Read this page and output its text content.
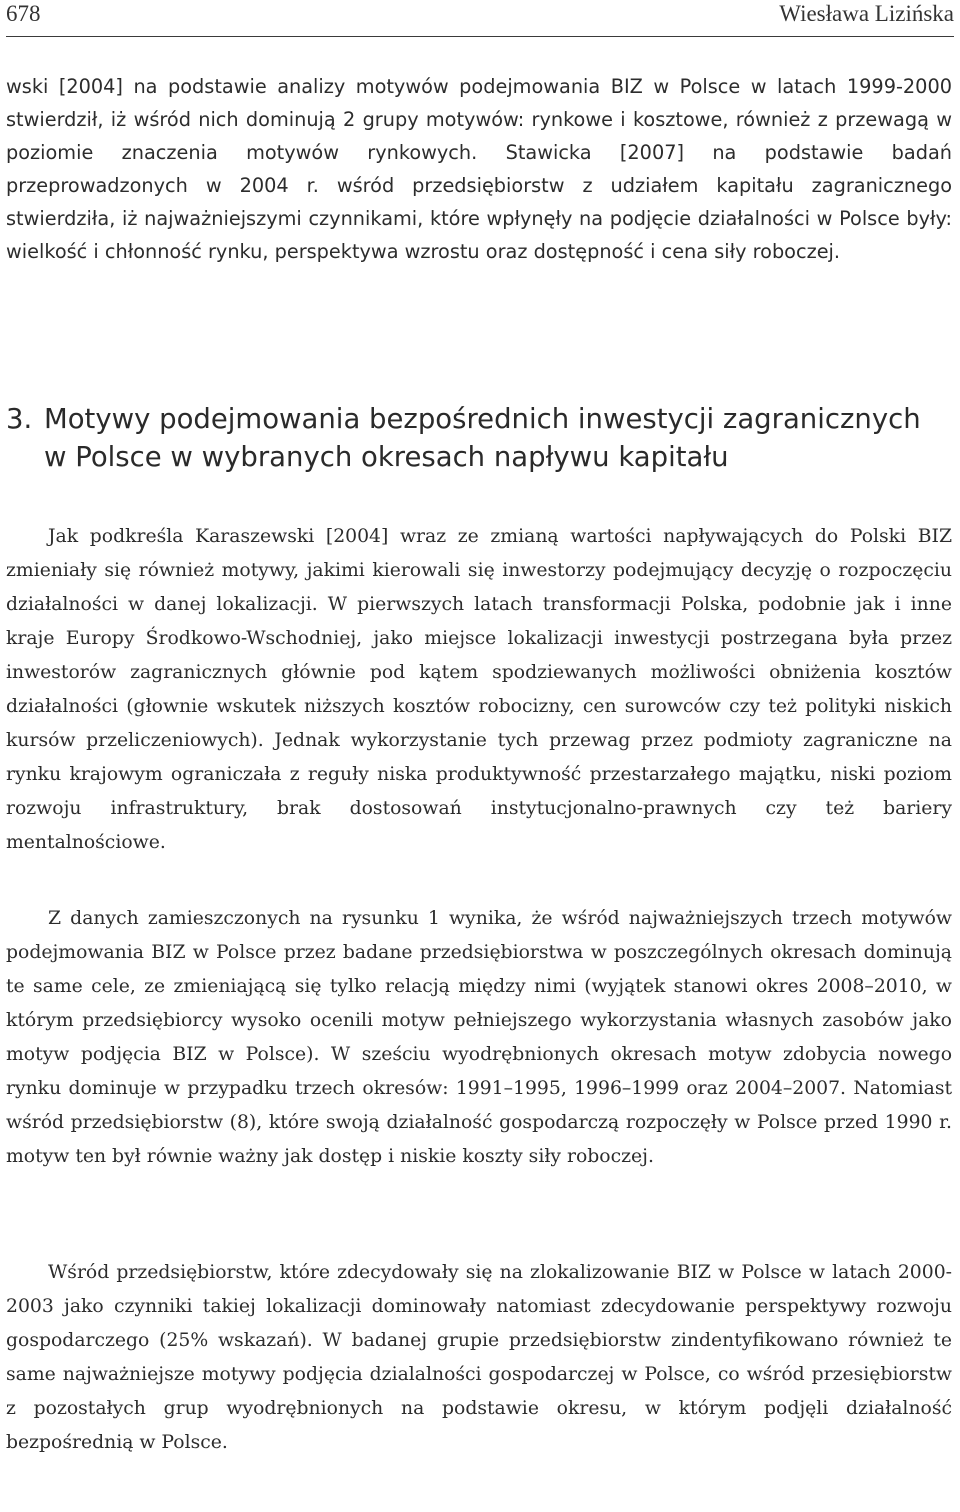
678	Wiesława Lizińska

wski [2004] na podstawie analizy motywów podejmowania BIZ w Polsce w latach 1999-2000 stwierdził, iż wśród nich dominują 2 grupy motywów: rynkowe i kosztowe, również z przewagą w poziomie znaczenia motywów rynkowych. Stawicka [2007] na podstawie badań przeprowadzonych w 2004 r. wśród przedsiębiorstw z udziałem kapitału zagranicznego stwierdziła, iż najważniejszymi czynnikami, które wpłynęły na podjęcie działalności w Polsce były: wielkość i chłonność rynku, perspektywa wzrostu oraz dostępność i cena siły roboczej.

3. Motywy podejmowania bezpośrednich inwestycji zagranicznych
w Polsce w wybranych okresach napływu kapitału

Jak podkreśla Karaszewski [2004] wraz ze zmianą wartości napływających do Polski BIZ zmieniały się również motywy, jakimi kierowali się inwestorzy podejmujący decyzję o rozpoczęciu działalności w danej lokalizacji. W pierwszych latach transformacji Polska, podobnie jak i inne kraje Europy Środkowo-Wschodniej, jako miejsce lokalizacji inwestycji postrzegana była przez inwestorów zagranicznych głównie pod kątem spodziewanych możliwości obniżenia kosztów działalności (głownie wskutek niższych kosztów robocizny, cen surowców czy też polityki niskich kursów przeliczeniowych). Jednak wykorzystanie tych przewag przez podmioty zagraniczne na rynku krajowym ograniczała z reguły niska produktywność przestarzałego majątku, niski poziom rozwoju infrastruktury, brak dostosowań instytucjonalno-prawnych czy też bariery mentalnościowe.

Z danych zamieszczonych na rysunku 1 wynika, że wśród najważniejszych trzech motywów podejmowania BIZ w Polsce przez badane przedsiębiorstwa w poszczególnych okresach dominują te same cele, ze zmieniającą się tylko relacją między nimi (wyjątek stanowi okres 2008–2010, w którym przedsiębiorcy wysoko ocenili motyw pełniejszego wykorzystania własnych zasobów jako motyw podjęcia BIZ w Polsce). W sześciu wyodrębnionych okresach motyw zdobycia nowego rynku dominuje w przypadku trzech okresów: 1991–1995, 1996–1999 oraz 2004–2007. Natomiast wśród przedsiębiorstw (8), które swoją działalność gospodarczą rozpoczęły w Polsce przed 1990 r. motyw ten był równie ważny jak dostęp i niskie koszty siły roboczej.

Wśród przedsiębiorstw, które zdecydowały się na zlokalizowanie BIZ w Polsce w latach 2000-2003 jako czynniki takiej lokalizacji dominowały natomiast zdecydowanie perspektywy rozwoju gospodarczego (25% wskazań). W badanej grupie przedsiębiorstw zindentyfikowano również te same najważniejsze motywy podjęcia dzialalności gospodarczej w Polsce, co wśród przesiębiorstw z pozostałych grup wyodrębnionych na podstawie okresu, w którym podjęli działalność bezpośrednią w Polsce.
